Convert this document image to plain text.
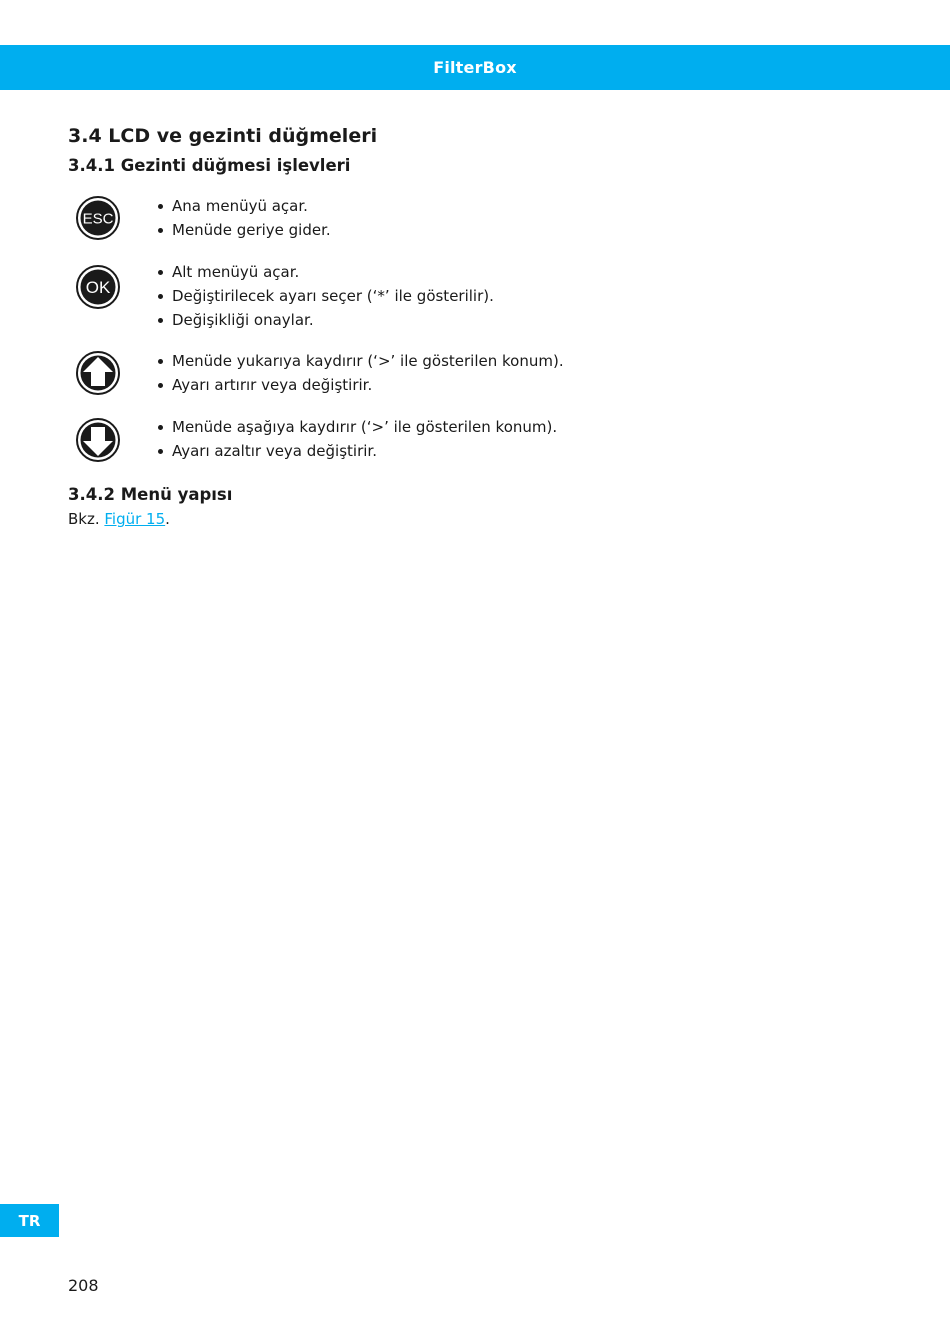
FilterBox
3.4 LCD ve gezinti düğmeleri
3.4.1 Gezinti düğmesi işlevleri
ESC
Ana menüyü açar.
Menüde geriye gider.
OK
Alt menüyü açar.
Değiştirilecek ayarı seçer (‘*’ ile gösterilir).
Değişikliği onaylar.
Menüde yukarıya kaydırır (‘>’ ile gösterilen konum).
Ayarı artırır veya değiştirir.
Menüde aşağıya kaydırır (‘>’ ile gösterilen konum).
Ayarı azaltır veya değiştirir.
3.4.2 Menü yapısı
Bkz. Figür 15.
TR
208
